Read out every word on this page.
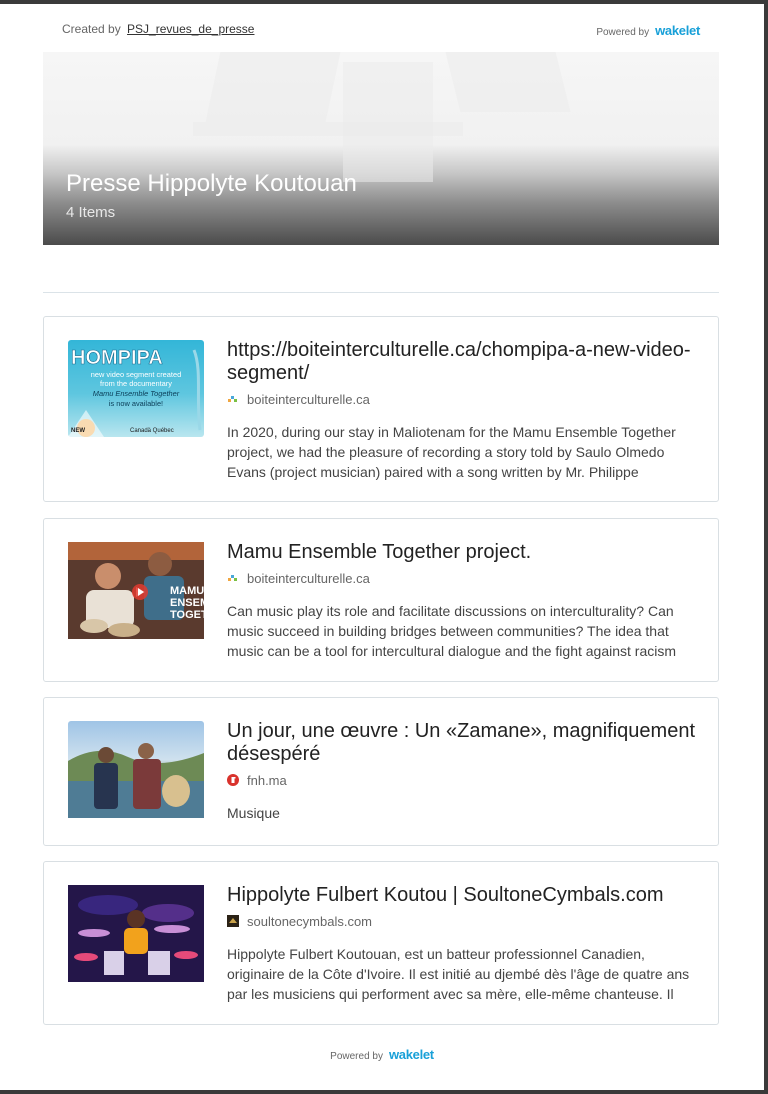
Created by PSJ_revues_de_presse	Powered by wakelet
Presse Hippolyte Koutouan
4 Items
HOMPIPA
new video segment created
from the documentary
Mamu Ensemble Together
is now available!
NEW	Canadä Québec
https://boiteinterculturelle.ca/chompipa-a-new-video-segment/
boiteinterculturelle.ca
In 2020, during our stay in Maliotenam for the Mamu Ensemble Together project, we had the pleasure of recording a story told by Saulo Olmedo Evans (project musician) paired with a song written by Mr. Philippe
MAMU ENSEMB TOGETH
Mamu Ensemble Together project.
boiteinterculturelle.ca
Can music play its role and facilitate discussions on interculturality? Can music succeed in building bridges between communities? The idea that music can be a tool for intercultural dialogue and the fight against racism
Un jour, une œuvre : Un «Zamane», magnifiquement désespéré
fnh.ma
Musique
Hippolyte Fulbert Koutou | SoultoneCymbals.com
soultonecymbals.com
Hippolyte Fulbert Koutouan, est un batteur professionnel Canadien, originaire de la Côte d'Ivoire. Il est initié au djembé dès l'âge de quatre ans par les musiciens qui performent avec sa mère, elle-même chanteuse. Il
Powered by wakelet
